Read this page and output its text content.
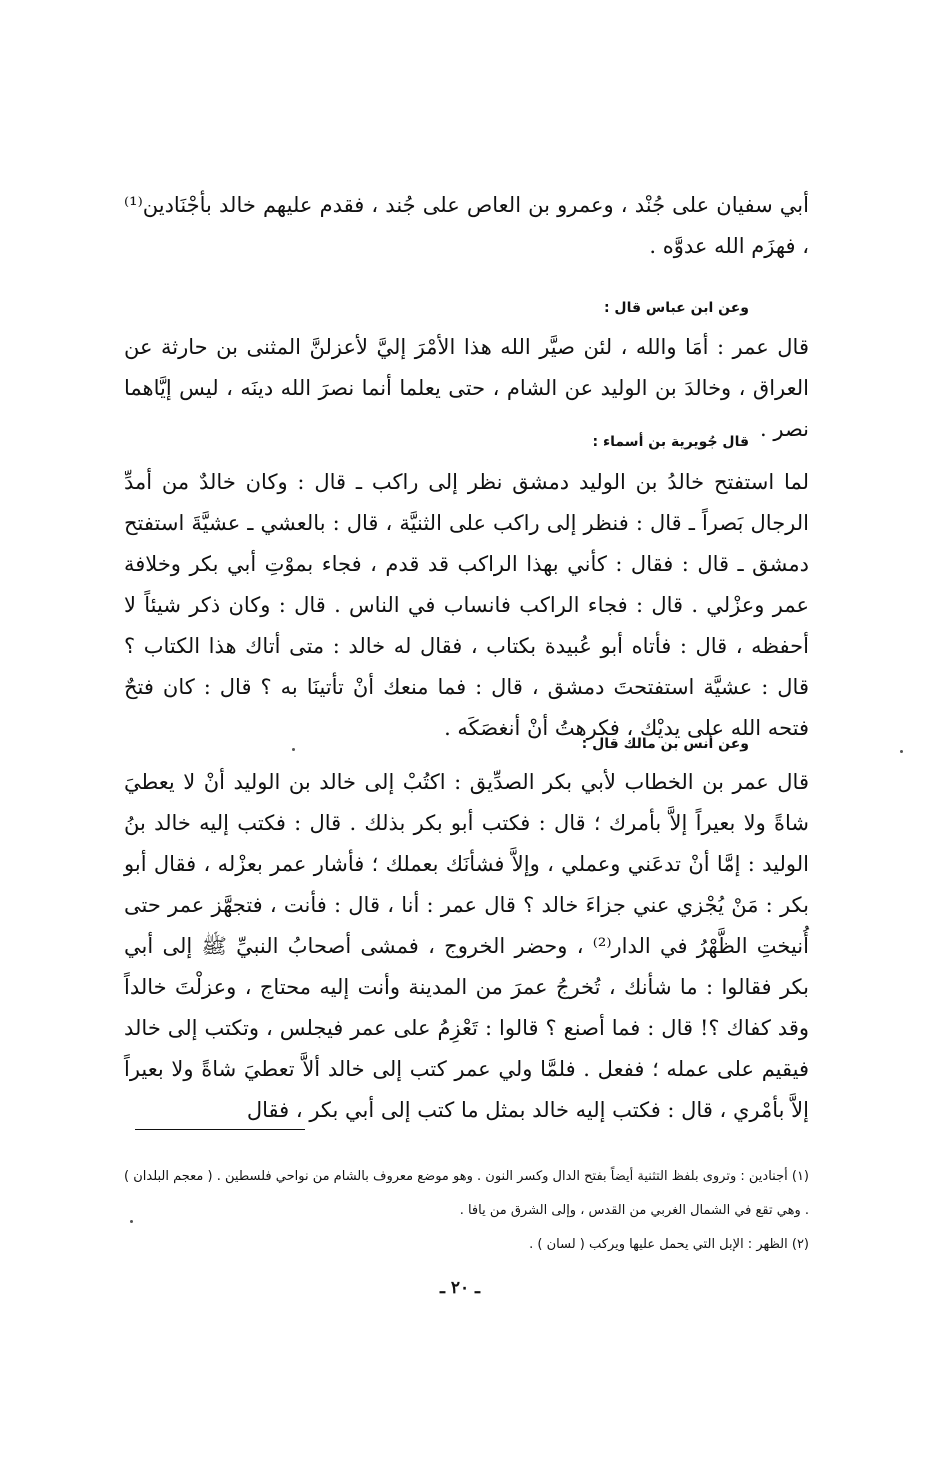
أبي سفيان على جُنْد ، وعمرو بن العاص على جُند ، فقدم عليهم خالد بأجْنَادين⁽¹⁾ ، فهزَم الله عدوَّه .

وعن ابن عباس قال :

قال عمر : أمَا والله ، لئن صيَّر الله هذا الأمْرَ إليَّ لأعزلنَّ المثنى بن حارثة عن العراق ، وخالدَ بن الوليد عن الشام ، حتى يعلما أنما نصرَ الله دينَه ، ليس إيَّاهما نصر .

قال جُويرية بن أسماء :

لما استفتح خالدُ بن الوليد دمشق نظر إلى راكب ـ قال : وكان خالدٌ من أمدِّ الرجال بَصراً ـ قال : فنظر إلى راكب على الثنيَّة ، قال : بالعشي ـ عشيَّةَ استفتح دمشق ـ قال : فقال : كأني بهذا الراكب قد قدم ، فجاء بموْتِ أبي بكر وخلافة عمر وعزْلي . قال : فجاء الراكب فانساب في الناس . قال : وكان ذكر شيئاً لا أحفظه ، قال : فأتاه أبو عُبيدة بكتاب ، فقال له خالد : متى أتاك هذا الكتاب ؟ قال : عشيَّة استفتحتَ دمشق ، قال : فما منعك أنْ تأتينَا به ؟ قال : كان فتحٌ فتحه الله على يديْك ، فكرهتُ أنْ أنغصَكَه .

وعن أنس بن مالك قال :

قال عمر بن الخطاب لأبي بكر الصدِّيق : اكتُبْ إلى خالد بن الوليد أنْ لا يعطيَ شاةً ولا بعيراً إلاَّ بأمرك ؛ قال : فكتب أبو بكر بذلك . قال : فكتب إليه خالد بنُ الوليد : إمَّا أنْ تدعَني وعملي ، وإلاَّ فشأنَك بعملك ؛ فأشار عمر بعزْله ، فقال أبو بكر : مَنْ يُجْزي عني جزاءَ خالد ؟ قال عمر : أنا ، قال : فأنت ، فتجهَّز عمر حتى أُنيختِ الظَّهْرُ في الدار⁽²⁾ ، وحضر الخروج ، فمشى أصحابُ النبيِّ ﷺ إلى أبي بكر فقالوا : ما شأنك ، تُخرجُ عمرَ من المدينة وأنت إليه محتاج ، وعزلْتَ خالداً وقد كفاك ؟! قال : فما أصنع ؟ قالوا : تَعْزِمُ على عمر فيجلس ، وتكتب إلى خالد فيقيم على عمله ؛ ففعل . فلمَّا ولي عمر كتب إلى خالد ألاَّ تعطيَ شاةً ولا بعيراً إلاَّ بأمْري ، قال : فكتب إليه خالد بمثل ما كتب إلى أبي بكر ، فقال

(١) أجنادين : وتروى بلفظ التثنية أيضاً بفتح الدال وكسر النون . وهو موضع معروف بالشام من نواحي فلسطين . ( معجم البلدان ) . وهي تقع في الشمال الغربي من القدس ، وإلى الشرق من يافا .

(٢) الظهر : الإبل التي يحمل عليها ويركب ( لسان ) .

ـ ٢٠ ـ
